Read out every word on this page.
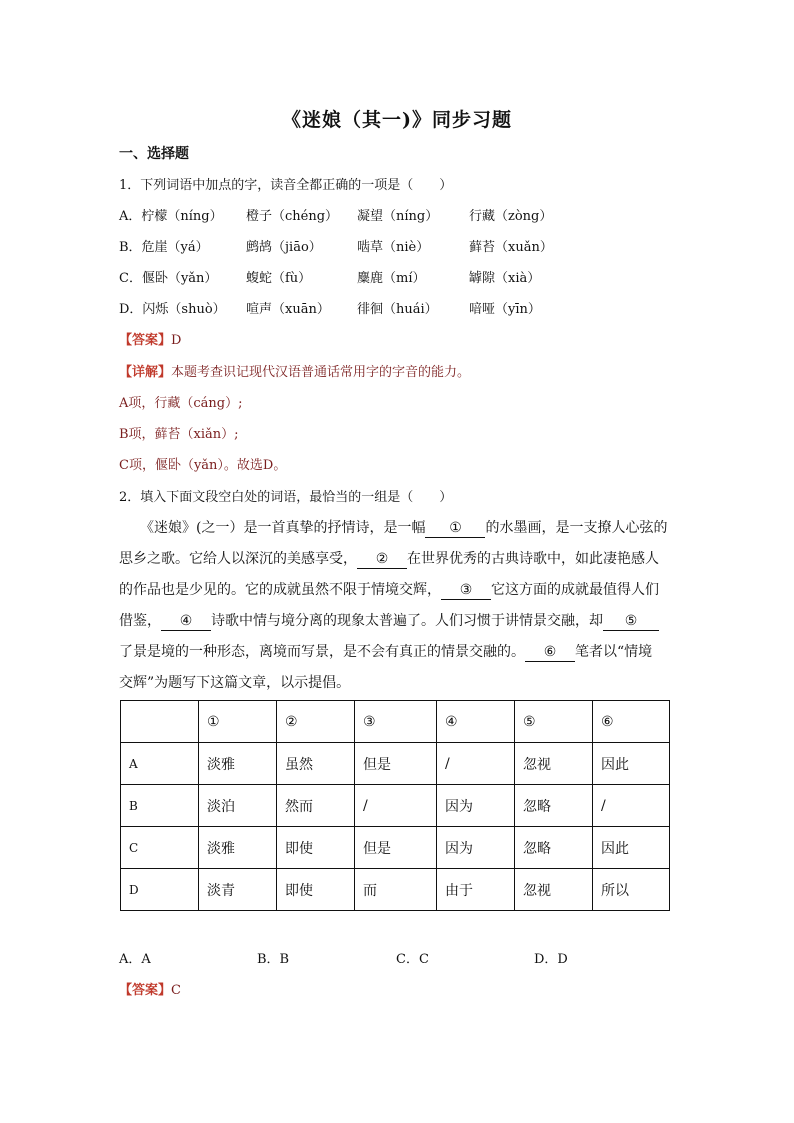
《迷娘（其一)》同步习题
一、选择题
1．下列词语中加点的字，读音全都正确的一项是（　　）
A．柠檬（níng） 橙子（chéng） 凝望（níng） 行藏（zòng）
B．危崖（yá）	鹧鸪（jiāo）	啮草（niè）	藓苔（xuǎn）
C．偃卧（yǎn） 蝮蛇（fù）	麋鹿（mí）	罅隙（xià）
D．闪烁（shuò） 喧声（xuān） 徘徊（huái） 喑哑（yīn）
【答案】D
【详解】本题考查识记现代汉语普通话常用字的字音的能力。
A项，行藏（cáng）;
B项，藓苔（xiǎn）;
C项，偃卧（yǎn）。故选D。
2．填入下面文段空白处的词语，最恰当的一组是（　　）
　　《迷娘》(之一）是一首真挚的抒情诗，是一幅 ① 的水墨画，是一支撩人心弦的
思乡之歌。它给人以深沉的美感享受， ② 在世界优秀的古典诗歌中，如此凄艳感人
的作品也是少见的。它的成就虽然不限于情境交辉， ③ 它这方面的成就最值得人们
借鉴， ④ 诗歌中情与境分离的现象太普遍了。人们习惯于讲情景交融，却 ⑤
了景是境的一种形态，离境而写景，是不会有真正的情景交融的。 ⑥ 笔者以“情境
交辉”为题写下这篇文章，以示提倡。
	①	②	③	④	⑤	⑥
A	淡雅	虽然	但是	/	忽视	因此
B	淡泊	然而	/	因为	忽略	/
C	淡雅	即使	但是	因为	忽略	因此
D	淡青	即使	而	由于	忽视	所以
A．A	B．B	C．C	D．D
【答案】C
